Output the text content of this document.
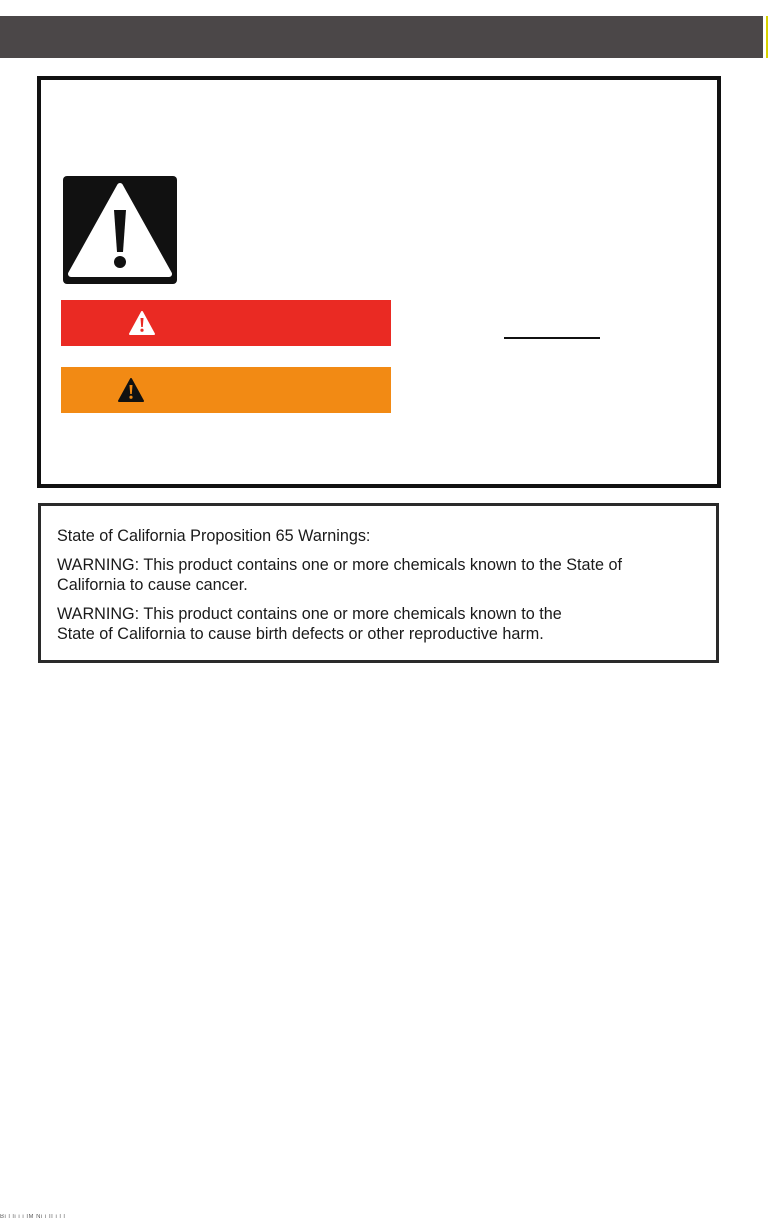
State of California Proposition 65 Warnings:

WARNING: This product contains one or more chemicals known to the State of
California to cause cancer.

WARNING: This product contains one or more chemicals known to the
State of California to cause birth defects or other reproductive harm.

Bi l li i i IM Ni i II i l l
